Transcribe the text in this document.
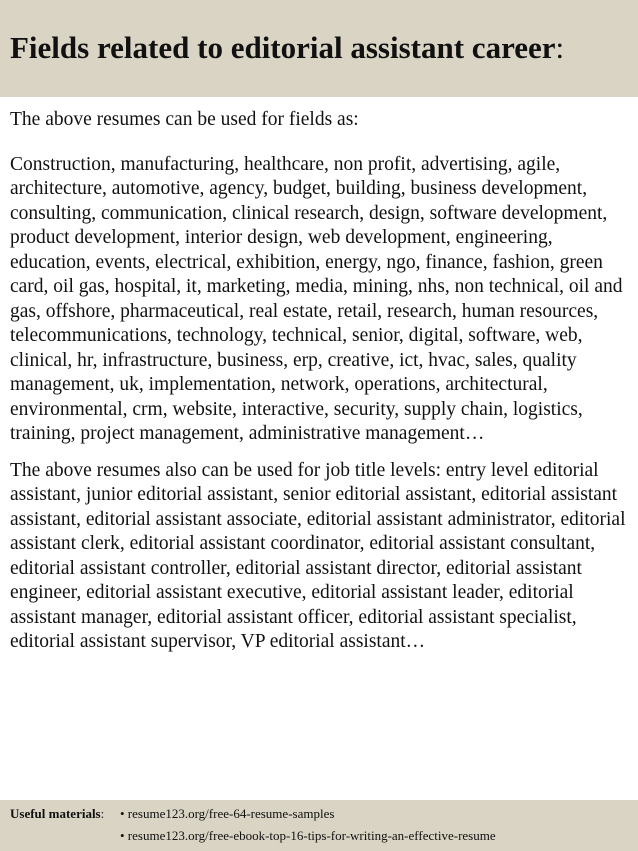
Fields related to editorial assistant career:

The above resumes can be used for fields as:

Construction, manufacturing, healthcare, non profit, advertising, agile, architecture, automotive, agency, budget, building, business development, consulting, communication, clinical research, design, software development, product development, interior design, web development, engineering, education, events, electrical, exhibition, energy, ngo, finance, fashion, green card, oil gas, hospital, it, marketing, media, mining, nhs, non technical, oil and gas, offshore, pharmaceutical, real estate, retail, research, human resources, telecommunications, technology, technical, senior, digital, software, web, clinical, hr, infrastructure, business, erp, creative, ict, hvac, sales, quality management, uk, implementation, network, operations, architectural, environmental, crm, website, interactive, security, supply chain, logistics, training, project management, administrative management…

The above resumes also can be used for job title levels: entry level editorial assistant, junior editorial assistant, senior editorial assistant, editorial assistant assistant, editorial assistant associate, editorial assistant administrator, editorial assistant clerk, editorial assistant coordinator, editorial assistant consultant, editorial assistant controller, editorial assistant director, editorial assistant engineer, editorial assistant executive, editorial assistant leader, editorial assistant manager, editorial assistant officer, editorial assistant specialist, editorial assistant supervisor, VP editorial assistant…

Useful materials: • resume123.org/free-64-resume-samples
• resume123.org/free-ebook-top-16-tips-for-writing-an-effective-resume
